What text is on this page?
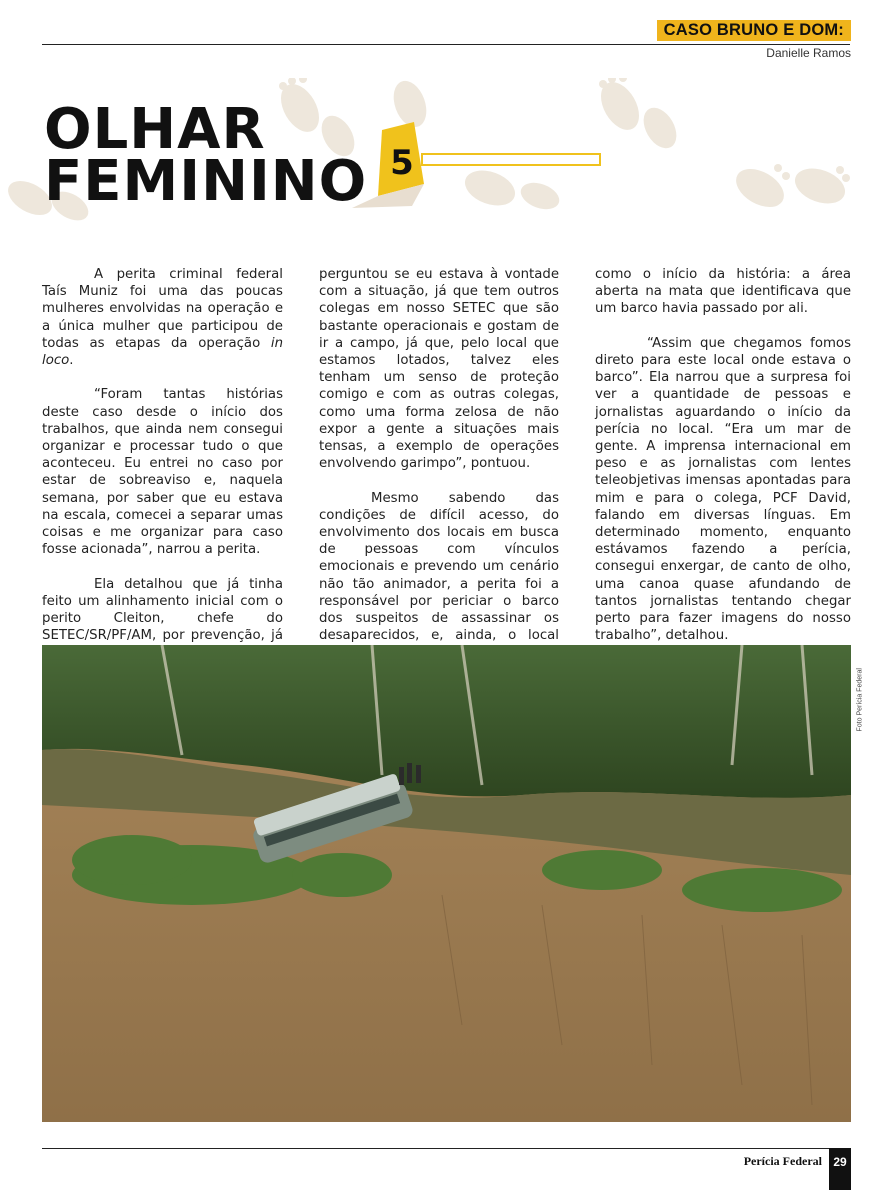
CASO BRUNO E DOM:
Danielle Ramos
OLHAR
FEMININO 5

A perita criminal federal Taís Muniz foi uma das poucas mulheres envolvidas na operação e a única mulher que participou de todas as etapas da operação in loco.

“Foram tantas histórias deste caso desde o início dos trabalhos, que ainda nem consegui organizar e processar tudo o que aconteceu. Eu entrei no caso por estar de sobreaviso e, naquela semana, por saber que eu estava na escala, comecei a separar umas coisas e me organizar para caso fosse acionada”, narrou a perita.

Ela detalhou que já tinha feito um alinhamento inicial com o perito Cleiton, chefe do SETEC/SR/PF/AM, por prevenção, já

perguntou se eu estava à vontade com a situação, já que tem outros colegas em nosso SETEC que são bastante operacionais e gostam de ir a campo, já que, pelo local que estamos lotados, talvez eles tenham um senso de proteção comigo e com as outras colegas, como uma forma zelosa de não expor a gente a situações mais tensas, a exemplo de operações envolvendo garimpo”, pontuou.

Mesmo sabendo das condições de difícil acesso, do envolvimento dos locais em busca de pessoas com vínculos emocionais e prevendo um cenário não tão animador, a perita foi a responsável por periciar o barco dos suspeitos de assassinar os desaparecidos, e, ainda, o local

como o início da história: a área aberta na mata que identificava que um barco havia passado por ali.

“Assim que chegamos fomos direto para este local onde estava o barco”. Ela narrou que a surpresa foi ver a quantidade de pessoas e jornalistas aguardando o início da perícia no local. “Era um mar de gente. A imprensa internacional em peso e as jornalistas com lentes teleobjetivas imensas apontadas para mim e para o colega, PCF David, falando em diversas línguas. Em determinado momento, enquanto estávamos fazendo a perícia, consegui enxergar, de canto de olho, uma canoa quase afundando de tantos jornalistas tentando chegar perto para fazer imagens do nosso trabalho”, detalhou.

Foto Perícia Federal
Perícia Federal 29
